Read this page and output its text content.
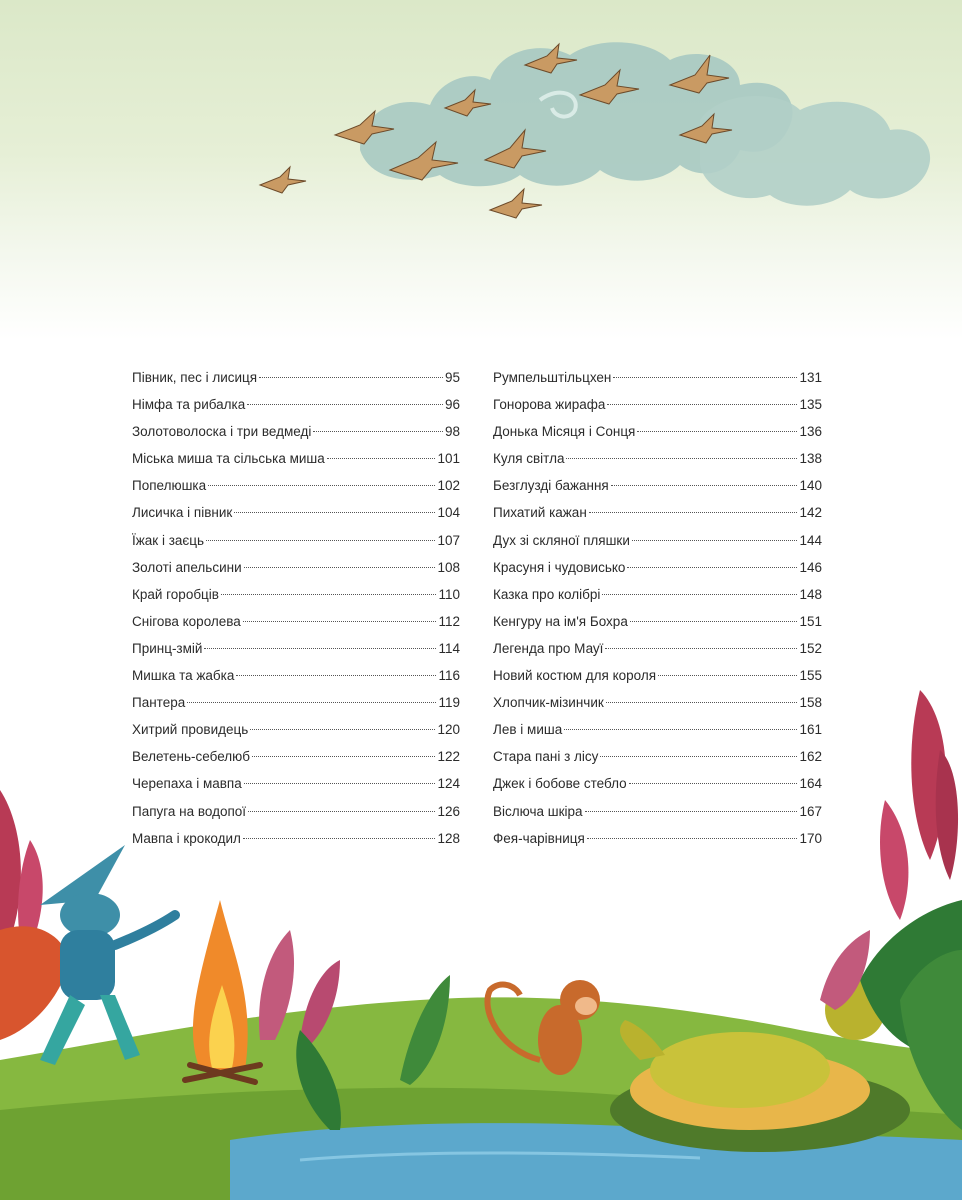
Півник, пес і лисиця	95
Німфа та рибалка	96
Золотоволоска і три ведмеді	98
Міська миша та сільська миша	101
Попелюшка	102
Лисичка і півник	104
Їжак і заєць	107
Золоті апельсини	108
Край горобців	110
Снігова королева	112
Принц-змій	114
Мишка та жабка	116
Пантера	119
Хитрий провидець	120
Велетень-себелюб	122
Черепаха і мавпа	124
Папуга на водопої	126
Мавпа і крокодил	128
Румпельштільцхен	131
Гонорова жирафа	135
Донька Місяця і Сонця	136
Куля світла	138
Безглузді бажання	140
Пихатий кажан	142
Дух зі скляної пляшки	144
Красуня і чудовисько	146
Казка про колібрі	148
Кенгуру на ім'я Бохра	151
Легенда про Мауї	152
Новий костюм для короля	155
Хлопчик-мізинчик	158
Лев і миша	161
Стара пані з лісу	162
Джек і бобове стебло	164
Віслюча шкіра	167
Фея-чарівниця	170
